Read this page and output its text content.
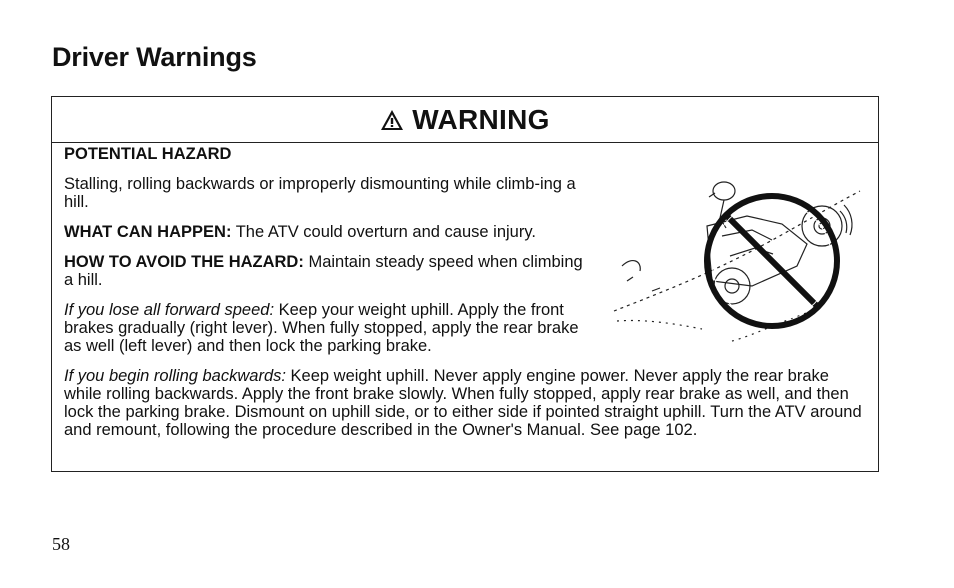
Driver Warnings
WARNING

POTENTIAL HAZARD

Stalling, rolling backwards or improperly dismounting while climb-ing a hill.

WHAT CAN HAPPEN: The ATV could overturn and cause injury.

HOW TO AVOID THE HAZARD: Maintain steady speed when climbing a hill.

If you lose all forward speed: Keep your weight uphill. Apply the front brakes gradually (right lever). When fully stopped, apply the rear brake as well (left lever) and then lock the parking brake.

If you begin rolling backwards: Keep weight uphill. Never apply engine power. Never apply the rear brake while rolling backwards. Apply the front brake slowly. When fully stopped, apply rear brake as well, and then lock the parking brake. Dismount on uphill side, or to either side if pointed straight uphill. Turn the ATV around and remount, following the procedure described in the Owner's Manual. See page 102.

58
